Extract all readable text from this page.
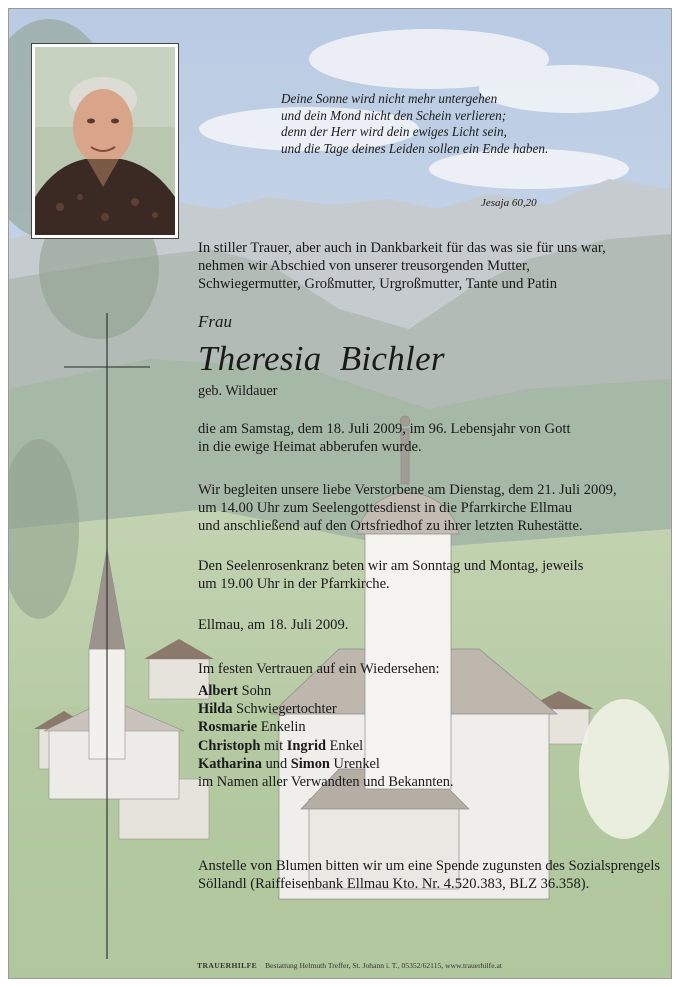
Deine Sonne wird nicht mehr untergehen
und dein Mond nicht den Schein verlieren;
denn der Herr wird dein ewiges Licht sein,
und die Tage deines Leiden sollen ein Ende haben.
Jesaja 60,20
In stiller Trauer, aber auch in Dankbarkeit für das was sie für uns war,
nehmen wir Abschied von unserer treusorgenden Mutter,
Schwiegermutter, Großmutter, Urgroßmutter, Tante und Patin
Frau
Theresia  Bichler
geb. Wildauer
die am Samstag, dem 18. Juli 2009, im 96. Lebensjahr von Gott
in die ewige Heimat abberufen wurde.
Wir begleiten unsere liebe Verstorbene am Dienstag, dem 21. Juli 2009,
um 14.00 Uhr zum Seelengottesdienst in die Pfarrkirche Ellmau
und anschließend auf den Ortsfriedhof zu ihrer letzten Ruhestätte.
Den Seelenrosenkranz beten wir am Sonntag und Montag, jeweils
um 19.00 Uhr in der Pfarrkirche.
Ellmau, am 18. Juli 2009.
Im festen Vertrauen auf ein Wiedersehen:
Albert Sohn
Hilda Schwiegertochter
Rosmarie Enkelin
Christoph mit Ingrid Enkel
Katharina und Simon Urenkel
im Namen aller Verwandten und Bekannten.
Anstelle von Blumen bitten wir um eine Spende zugunsten des Sozialsprengels
Söllandl (Raiffeisenbank Ellmau Kto. Nr. 4.520.383, BLZ 36.358).
TRAUERHILFE Bestattung Helmuth Treffer, St. Johann i. T., 05352/62115, www.trauerhilfe.at
